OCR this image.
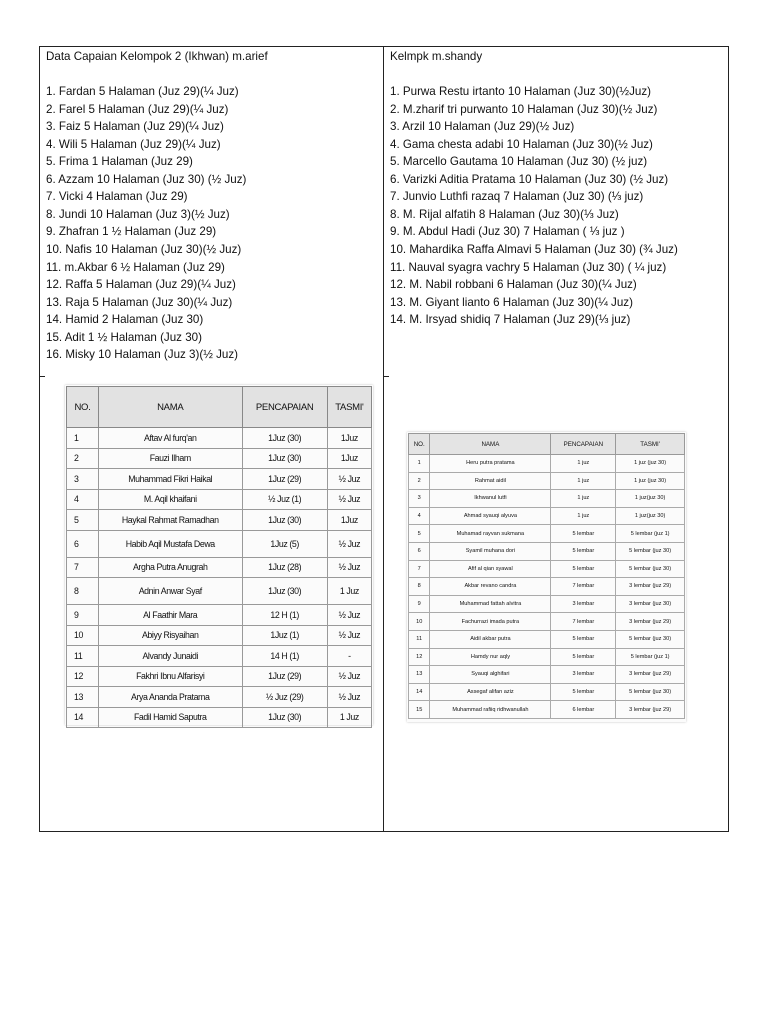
Data Capaian Kelompok 2 (Ikhwan) m.arief
1. Fardan 5 Halaman (Juz 29)(¼ Juz)
2. Farel 5 Halaman (Juz 29)(¼ Juz)
3. Faiz 5 Halaman (Juz 29)(¼ Juz)
4. Wili 5 Halaman (Juz 29)(¼ Juz)
5. Frima 1 Halaman (Juz 29)
6. Azzam 10 Halaman (Juz 30) (½ Juz)
7. Vicki 4 Halaman (Juz 29)
8. Jundi 10 Halaman (Juz 3)(½ Juz)
9. Zhafran 1 ½ Halaman (Juz 29)
10. Nafis 10 Halaman (Juz 30)(½ Juz)
11. m.Akbar 6 ½ Halaman (Juz 29)
12. Raffa 5 Halaman (Juz 29)(¼ Juz)
13. Raja 5 Halaman (Juz 30)(¼ Juz)
14. Hamid 2 Halaman (Juz 30)
15. Adit 1 ½ Halaman (Juz 30)
16. Misky 10 Halaman (Juz 3)(½ Juz)
Kelmpk m.shandy
1. Purwa Restu irtanto 10 Halaman (Juz 30)(½Juz)
2. M.zharif tri purwanto 10 Halaman (Juz 30)(½ Juz)
3. Arzil 10 Halaman (Juz 29)(½ Juz)
4. Gama chesta adabi 10 Halaman (Juz 30)(½ Juz)
5. Marcello Gautama 10 Halaman (Juz 30) (½ juz)
6. Varizki Aditia Pratama 10 Halaman (Juz 30) (½ Juz)
7. Junvio Luthfi razaq 7 Halaman (Juz 30) (⅓ juz)
8. M. Rijal alfatih 8 Halaman (Juz 30)(⅓ Juz)
9. M. Abdul Hadi (Juz 30) 7 Halaman ( ⅓ juz )
10. Mahardika Raffa Almavi 5 Halaman (Juz 30) (¾ Juz)
11. Nauval syagra vachry 5 Halaman (Juz 30) ( ¼ juz)
12. M. Nabil robbani 6 Halaman (Juz 30)(¼ Juz)
13. M. Giyant lianto 6 Halaman (Juz 30)(¼ Juz)
14. M. Irsyad shidiq 7 Halaman (Juz 29)(⅓ juz)
NO.	NAMA	PENCAPAIAN	TASMI'
1	Aftav Al furq'an	1Juz (30)	1Juz
2	Fauzi Ilham	1Juz (30)	1Juz
3	Muhammad Fikri Haikal	1Juz (29)	½ Juz
4	M. Aqil khaifani	½ Juz (1)	½ Juz
5	Haykal Rahmat Ramadhan	1Juz (30)	1Juz
6	Habib Aqil Mustafa Dewa	1Juz (5)	½ Juz
7	Argha Putra Anugrah	1Juz (28)	½ Juz
8	Adnin Anwar Syaf	1Juz (30)	1 Juz
9	Al Faathir Mara	12 H (1)	½ Juz
10	Abiyy Risyaihan	1Juz (1)	½ Juz
11	Alvandy Junaidi	14 H (1)	-
12	Fakhri Ibnu Alfarisyi	1Juz (29)	½ Juz
13	Arya Ananda Pratama	½ Juz (29)	½ Juz
14	Fadil Hamid Saputra	1Juz (30)	1 Juz
NO.	NAMA	PENCAPAIAN	TASMI'
1	Heru putra pratama	1 juz	1 juz (juz 30)
2	Rahmat aidil	1 juz	1 juz (juz 30)
3	Ikhwanul lutfi	1 juz	1 juz(juz 30)
4	Ahmad syauqi alyuva	1 juz	1 juz(juz 30)
5	Muhamad rayvan sukmana	5 lembar	5 lembar (juz 1)
6	Syamil muhana dori	5 lembar	5 lembar (juz 30)
7	Afif al qian syawal	5 lembar	5 lembar (juz 30)
8	Akbar revano candra	7 lembar	3 lembar (juz 29)
9	Muhammad fattah alvitra	3 lembar	3 lembar (juz 30)
10	Fachurrazi imada putra	7 lembar	3 lembar (juz 29)
11	Aidil akbar putra	5 lembar	5 lembar (juz 30)
12	Hamdy nur aqly	5 lembar	5 lembar (juz 1)
13	Syauqi alghifari	3 lembar	3 lembar (juz 29)
14	Assegaf alifan aziz	5 lembar	5 lembar (juz 30)
15	Muhammad rafiiq ridhwanullah	6 lembar	3 lembar (juz 29)
